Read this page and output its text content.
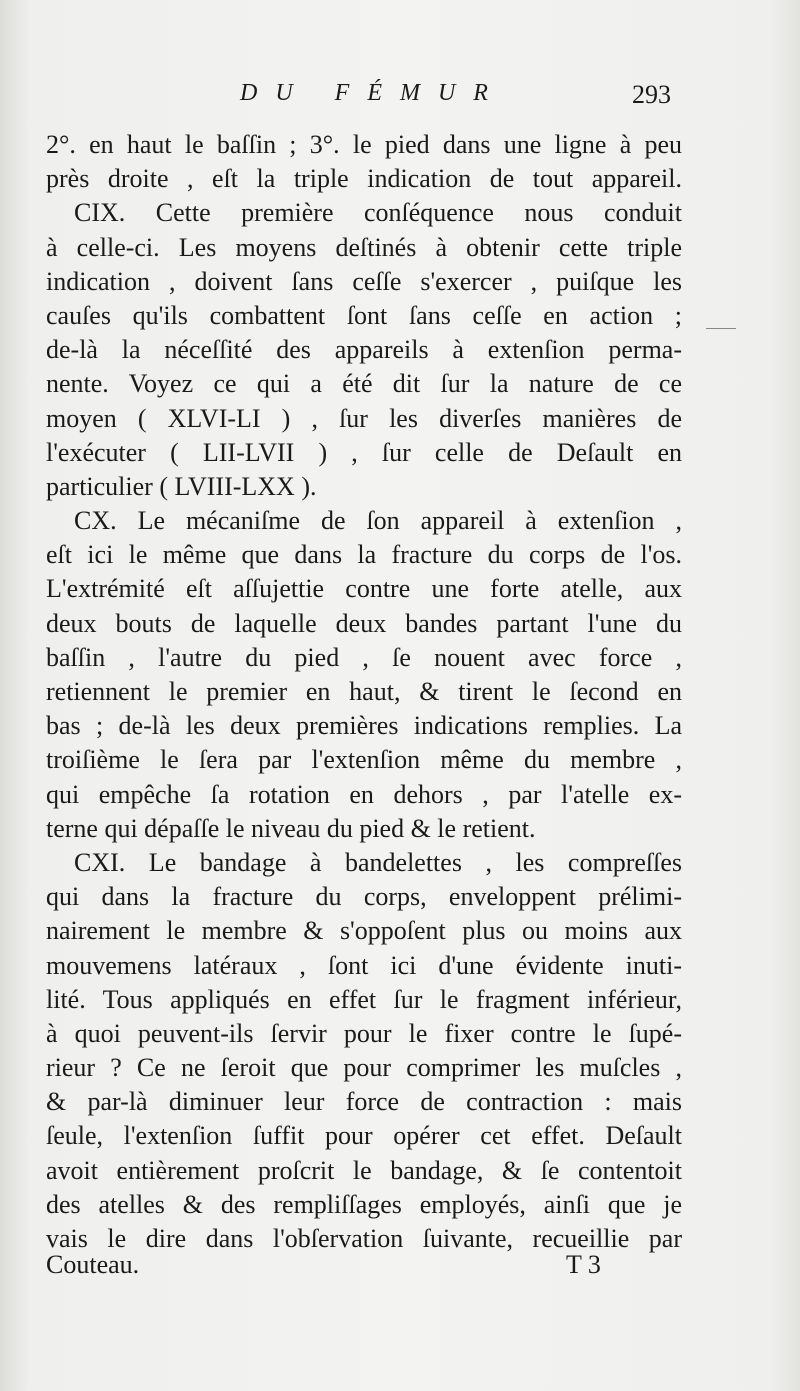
DU FÉMUR	293
2°. en haut le baſſin ; 3°. le pied dans une ligne à peu
près droite , eſt la triple indication de tout appareil.
CIX. Cette première conſéquence nous conduit
à celle-ci. Les moyens deſtinés à obtenir cette triple
indication , doivent ſans ceſſe s'exercer , puiſque les
cauſes qu'ils combattent ſont ſans ceſſe en action ;
de-là la néceſſité des appareils à extenſion perma-
nente. Voyez ce qui a été dit ſur la nature de ce
moyen ( XLVI-LI ) , ſur les diverſes manières de
l'exécuter ( LII-LVII ) , ſur celle de Deſault en
particulier ( LVIII-LXX ).
CX. Le mécaniſme de ſon appareil à extenſion ,
eſt ici le même que dans la fracture du corps de l'os.
L'extrémité eſt aſſujettie contre une forte atelle, aux
deux bouts de laquelle deux bandes partant l'une du
baſſin , l'autre du pied , ſe nouent avec force ,
retiennent le premier en haut, & tirent le ſecond en
bas ; de-là les deux premières indications remplies. La
troiſième le ſera par l'extenſion même du membre ,
qui empêche ſa rotation en dehors , par l'atelle ex-
terne qui dépaſſe le niveau du pied & le retient.
CXI. Le bandage à bandelettes , les compreſſes
qui dans la fracture du corps, enveloppent prélimi-
nairement le membre & s'oppoſent plus ou moins aux
mouvemens latéraux , ſont ici d'une évidente inuti-
lité. Tous appliqués en effet ſur le fragment inférieur,
à quoi peuvent-ils ſervir pour le fixer contre le ſupé-
rieur ? Ce ne ſeroit que pour comprimer les muſcles ,
& par-là diminuer leur force de contraction : mais
ſeule, l'extenſion ſuffit pour opérer cet effet. Deſault
avoit entièrement proſcrit le bandage, & ſe contentoit
des atelles & des rempliſſages employés, ainſi que je
vais le dire dans l'obſervation ſuivante, recueillie par
Couteau.	T 3
